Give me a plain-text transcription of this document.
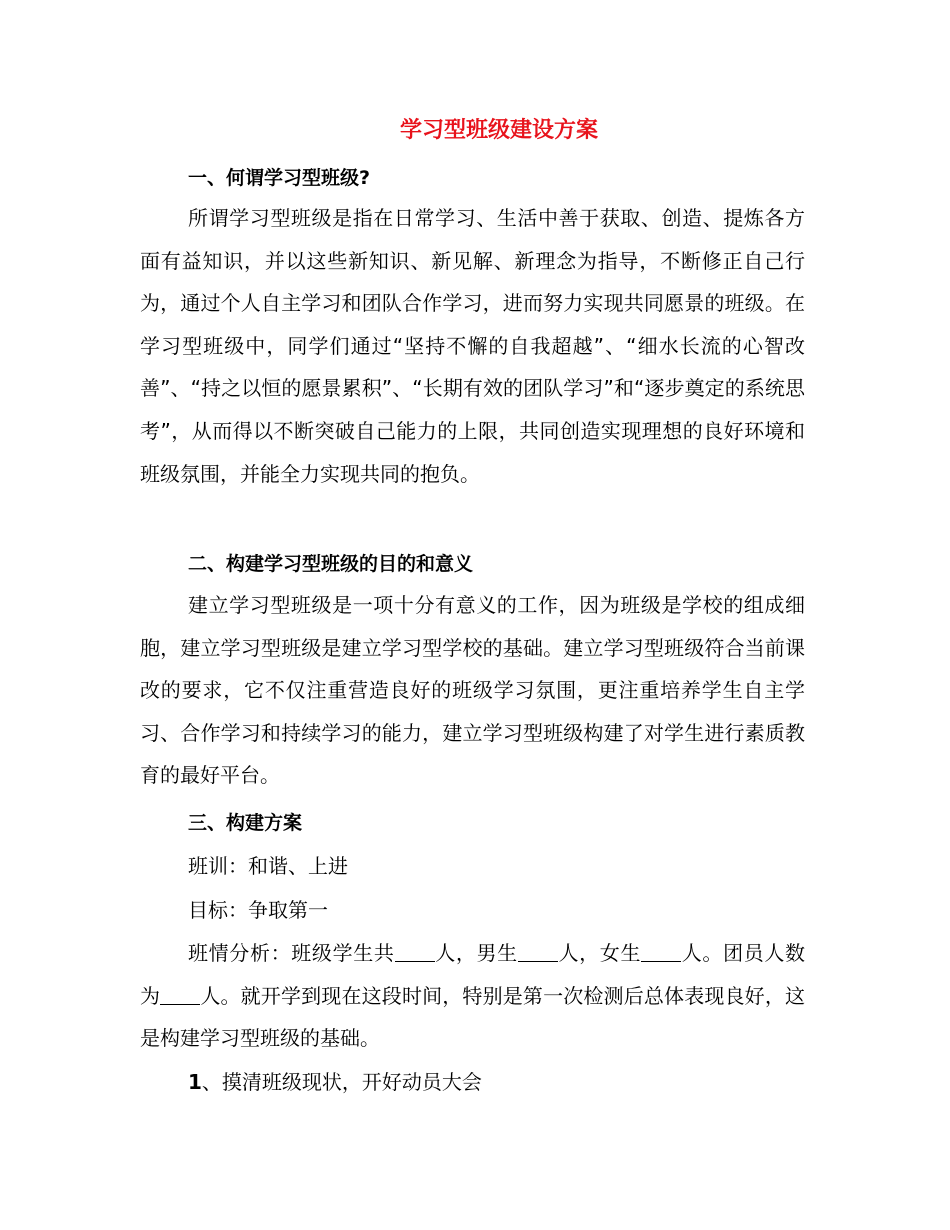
学习型班级建设方案
一、何谓学习型班级?

所谓学习型班级是指在日常学习、生活中善于获取、创造、提炼各方面有益知识，并以这些新知识、新见解、新理念为指导，不断修正自己行为，通过个人自主学习和团队合作学习，进而努力实现共同愿景的班级。在学习型班级中，同学们通过“坚持不懈的自我超越”、“细水长流的心智改善”、“持之以恒的愿景累积”、“长期有效的团队学习”和“逐步奠定的系统思考”，从而得以不断突破自己能力的上限，共同创造实现理想的良好环境和班级氛围，并能全力实现共同的抱负。

二、构建学习型班级的目的和意义

建立学习型班级是一项十分有意义的工作，因为班级是学校的组成细胞，建立学习型班级是建立学习型学校的基础。建立学习型班级符合当前课改的要求，它不仅注重营造良好的班级学习氛围，更注重培养学生自主学习、合作学习和持续学习的能力，建立学习型班级构建了对学生进行素质教育的最好平台。

三、构建方案

班训：和谐、上进

目标：争取第一

班情分析：班级学生共 人，男生 人，女生 人。团员人数为 人。就开学到现在这段时间，特别是第一次检测后总体表现良好，这是构建学习型班级的基础。

1、摸清班级现状，开好动员大会
